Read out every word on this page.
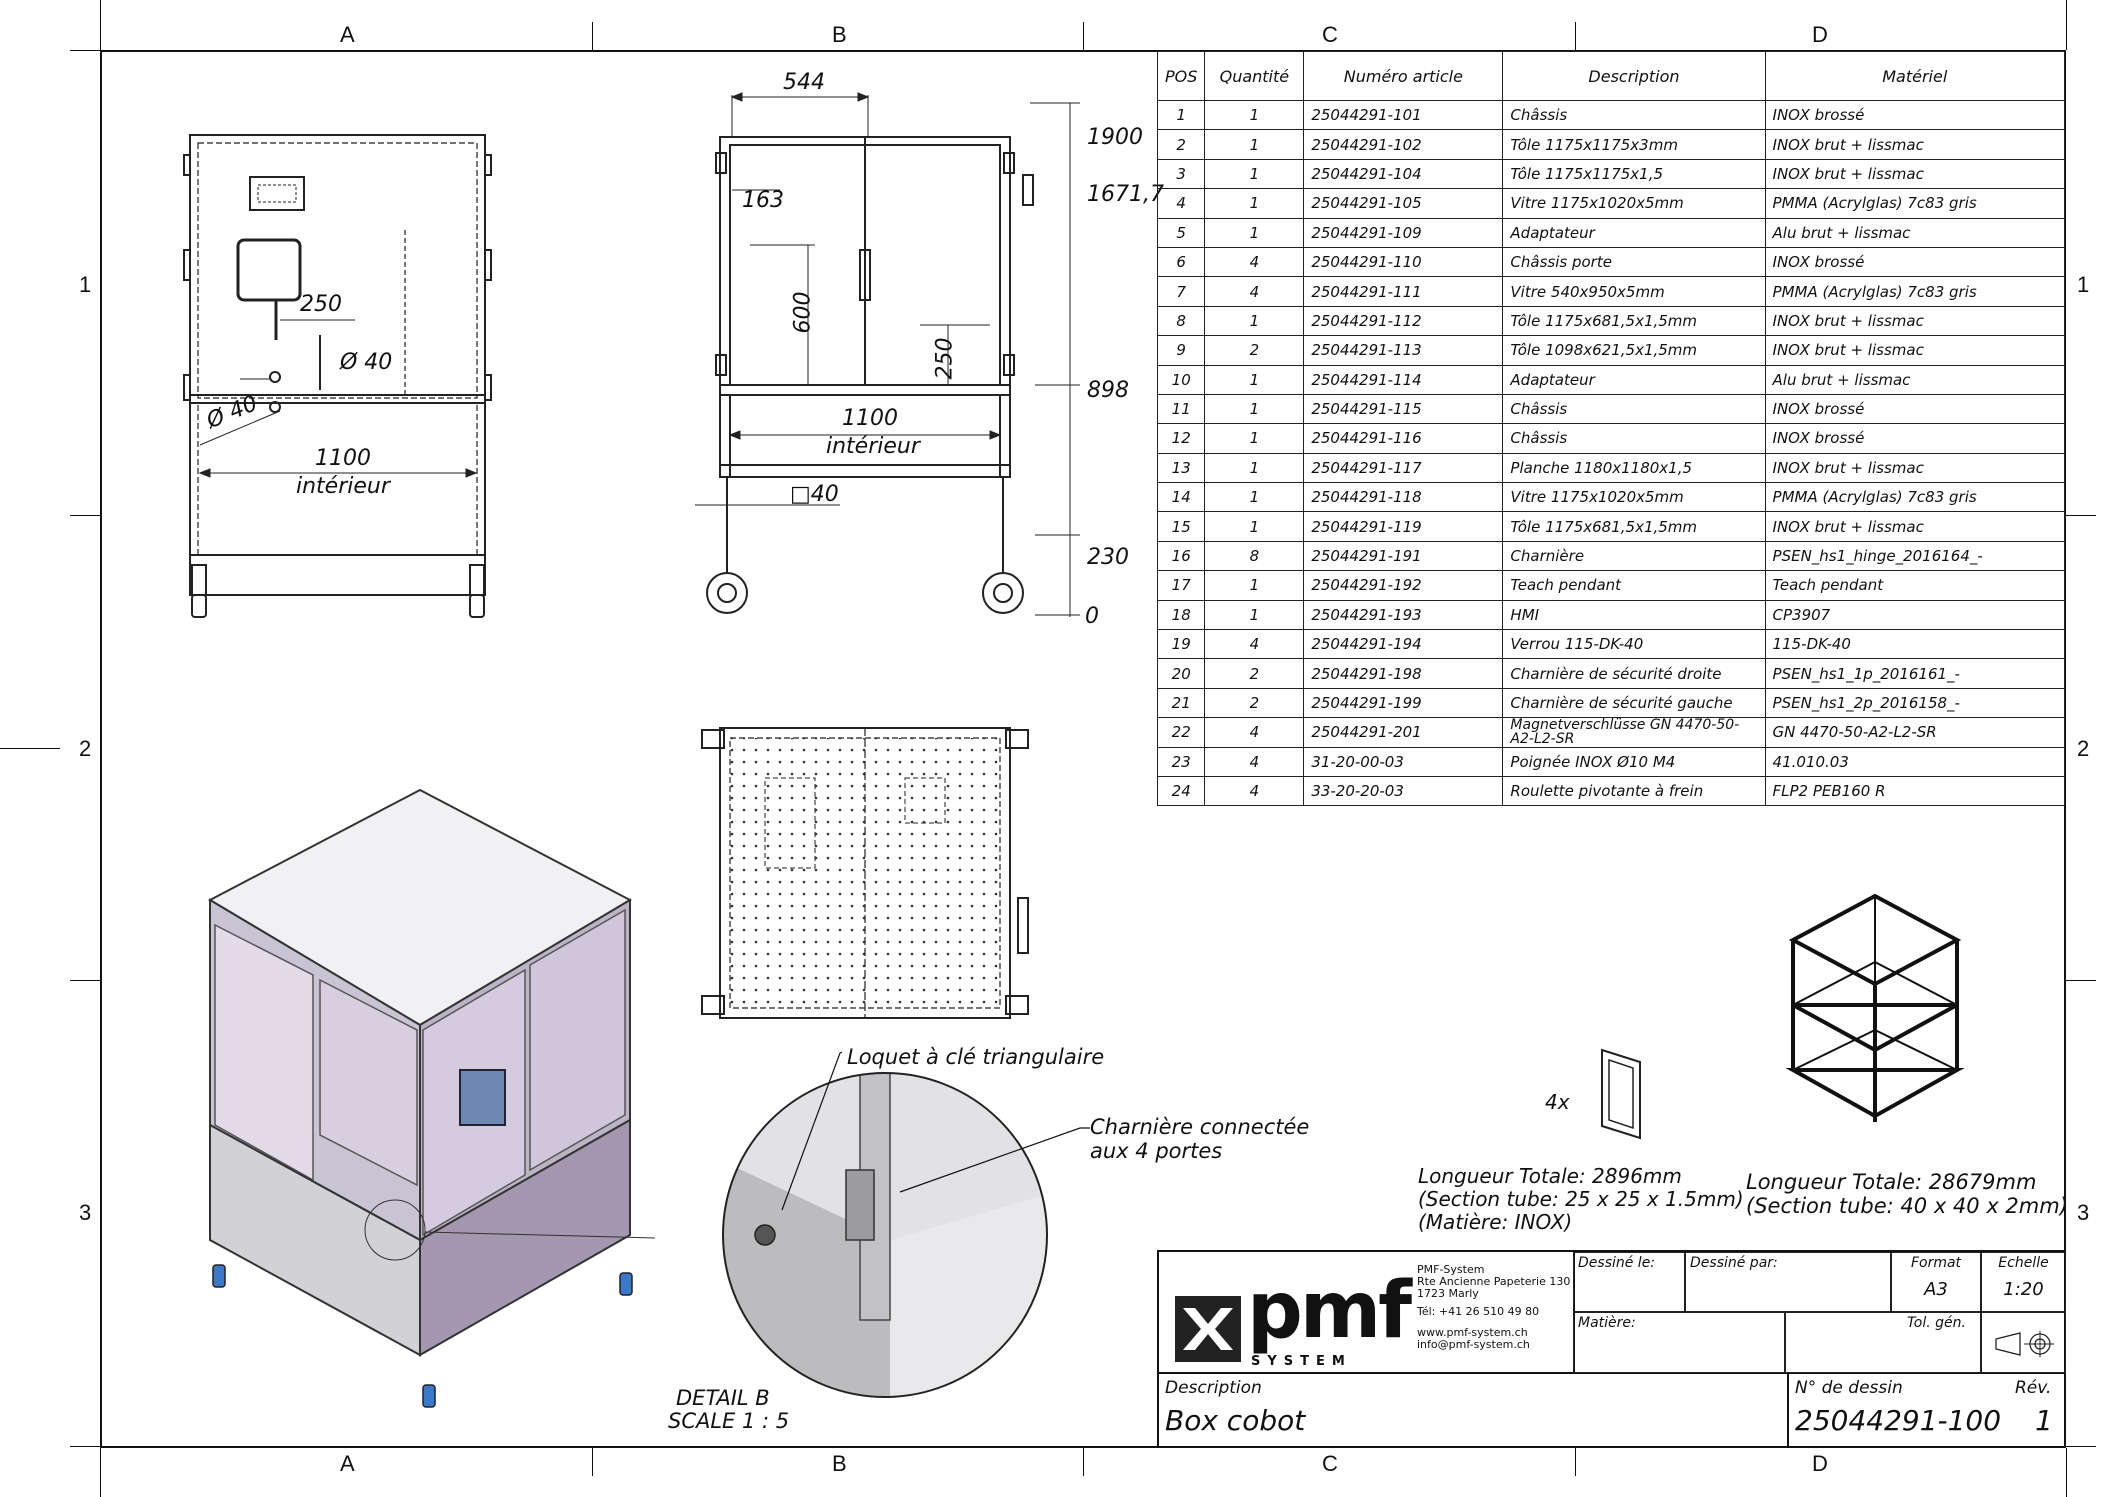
A	B	C	D
A	B	C	D
1
2
3
1
2
3
250
Ø 40
Ø 40
1100
intérieur
544
163
600
250
1100
intérieur
□40
1900
1671,7
898
230
0
Loquet à clé triangulaire
Charnière connectée
aux 4 portes
DETAIL B
SCALE 1 : 5
4x
Longueur Totale: 2896mm
(Section tube: 25 x 25 x 1.5mm)
(Matière: INOX)
Longueur Totale: 28679mm
(Section tube: 40 x 40 x 2mm)
POS	Quantité	Numéro article	Description	Matériel
1	1	25044291-101	Châssis	INOX brossé
2	1	25044291-102	Tôle 1175x1175x3mm	INOX brut + lissmac
3	1	25044291-104	Tôle 1175x1175x1,5	INOX brut + lissmac
4	1	25044291-105	Vitre 1175x1020x5mm	PMMA (Acrylglas) 7c83 gris
5	1	25044291-109	Adaptateur	Alu brut + lissmac
6	4	25044291-110	Châssis porte	INOX brossé
7	4	25044291-111	Vitre 540x950x5mm	PMMA (Acrylglas) 7c83 gris
8	1	25044291-112	Tôle 1175x681,5x1,5mm	INOX brut + lissmac
9	2	25044291-113	Tôle 1098x621,5x1,5mm	INOX brut + lissmac
10	1	25044291-114	Adaptateur	Alu brut + lissmac
11	1	25044291-115	Châssis	INOX brossé
12	1	25044291-116	Châssis	INOX brossé
13	1	25044291-117	Planche 1180x1180x1,5	INOX brut + lissmac
14	1	25044291-118	Vitre 1175x1020x5mm	PMMA (Acrylglas) 7c83 gris
15	1	25044291-119	Tôle 1175x681,5x1,5mm	INOX brut + lissmac
16	8	25044291-191	Charnière	PSEN_hs1_hinge_2016164_-
17	1	25044291-192	Teach pendant	Teach pendant
18	1	25044291-193	HMI	CP3907
19	4	25044291-194	Verrou 115-DK-40	115-DK-40
20	2	25044291-198	Charnière de sécurité droite	PSEN_hs1_1p_2016161_-
21	2	25044291-199	Charnière de sécurité gauche	PSEN_hs1_2p_2016158_-
22	4	25044291-201	Magnetverschlüsse GN 4470-50-A2-L2-SR	GN 4470-50-A2-L2-SR
23	4	31-20-00-03	Poignée INOX Ø10 M4	41.010.03
24	4	33-20-20-03	Roulette pivotante à frein	FLP2 PEB160 R
pmf
SYSTEM
PMF-System
Rte Ancienne Papeterie 130
1723 Marly
Tél: +41 26 510 49 80
www.pmf-system.ch
info@pmf-system.ch
Dessiné le:	Dessiné par:	Format
A3
Echelle
1:20
Matière:	Tol. gén.
Description
Box cobot
N° de dessin
25044291-100
Rév.
1
